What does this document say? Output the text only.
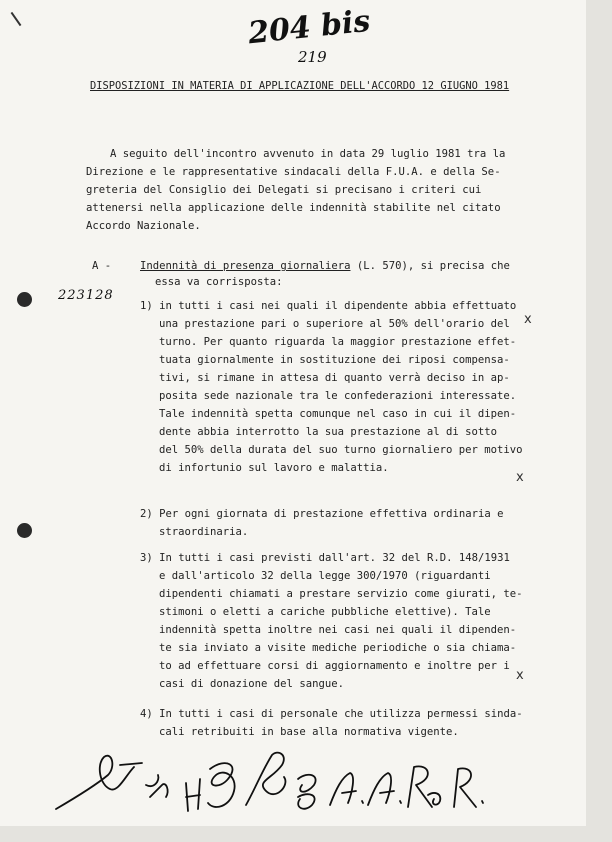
204 bis
219
223128
DISPOSIZIONI IN MATERIA DI APPLICAZIONE DELL'ACCORDO 12 GIUGNO 1981
A seguito dell'incontro avvenuto in data 29 luglio 1981 tra la
Direzione e le rappresentative sindacali della F.U.A. e della Se-
greteria del Consiglio dei Delegati si precisano i criteri cui
attenersi nella applicazione delle indennità stabilite nel citato
Accordo Nazionale.
A -	Indennità di presenza giornaliera (L. 570), si precisa che
essa va corrisposta:
1) in tutti i casi nei quali il dipendente abbia effettuato
una prestazione pari o superiore al 50% dell'orario del
turno. Per quanto riguarda la maggior prestazione effet-
tuata giornalmente in sostituzione dei riposi compensa-
tivi, si rimane in attesa di quanto verrà deciso in ap-
posita sede nazionale tra le confederazioni interessate.
Tale indennità spetta comunque nel caso in cui il dipen-
dente abbia interrotto la sua prestazione al di sotto
del 50% della durata del suo turno giornaliero per motivo
di infortunio sul lavoro e malattia.
2) Per ogni giornata di prestazione effettiva ordinaria e
straordinaria.
3) In tutti i casi previsti dall'art. 32 del R.D. 148/1931
e dall'articolo 32 della legge 300/1970 (riguardanti
dipendenti chiamati a prestare servizio come giurati, te-
stimoni o eletti a cariche pubbliche elettive). Tale
indennità spetta inoltre nei casi nei quali il dipenden-
te sia inviato a visite mediche periodiche o sia chiama-
to ad effettuare corsi di aggiornamento e inoltre per i
casi di donazione del sangue.
4) In tutti i casi di personale che utilizza permessi sinda-
cali retribuiti in base alla normativa vigente.
x
x
x
